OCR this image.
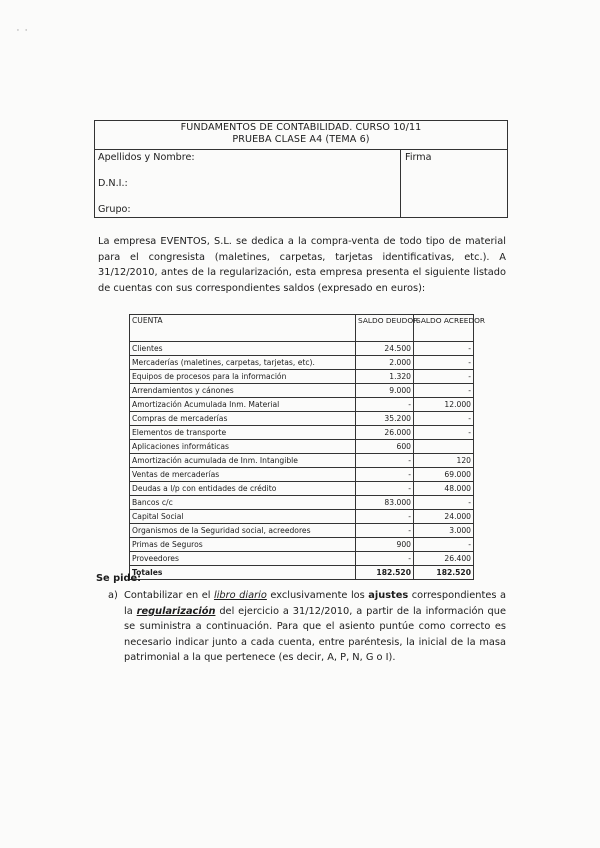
' '
FUNDAMENTOS DE CONTABILIDAD. CURSO 10/11
PRUEBA CLASE A4 (TEMA 6)
Apellidos y Nombre:
D.N.I.:
Grupo:
Firma
La empresa EVENTOS, S.L. se dedica a la compra-venta de todo tipo de material para el congresista (maletines, carpetas, tarjetas identificativas, etc.). A 31/12/2010, antes de la regularización, esta empresa presenta el siguiente listado de cuentas con sus correspondientes saldos (expresado en euros):
CUENTA	SALDO DEUDOR	SALDO ACREEDOR
Clientes	24.500	-
Mercaderías (maletines, carpetas, tarjetas, etc).	2.000	-
Equipos de procesos para la información	1.320	-
Arrendamientos y cánones	9.000	-
Amortización Acumulada Inm. Material	-	12.000
Compras de mercaderías	35.200	-
Elementos de transporte	26.000	-
Aplicaciones informáticas	600	
Amortización acumulada de Inm. Intangible	-	120
Ventas de mercaderías	-	69.000
Deudas a l/p con entidades de crédito	-	48.000
Bancos c/c	83.000	-
Capital Social	-	24.000
Organismos de la Seguridad social, acreedores	-	3.000
Primas de Seguros	900	-
Proveedores	-	26.400
Totales	182.520	182.520
Se pide:
a) Contabilizar en el libro diario exclusivamente los ajustes correspondientes a la regularización del ejercicio a 31/12/2010, a partir de la información que se suministra a continuación. Para que el asiento puntúe como correcto es necesario indicar junto a cada cuenta, entre paréntesis, la inicial de la masa patrimonial a la que pertenece (es decir, A, P, N, G o I).
